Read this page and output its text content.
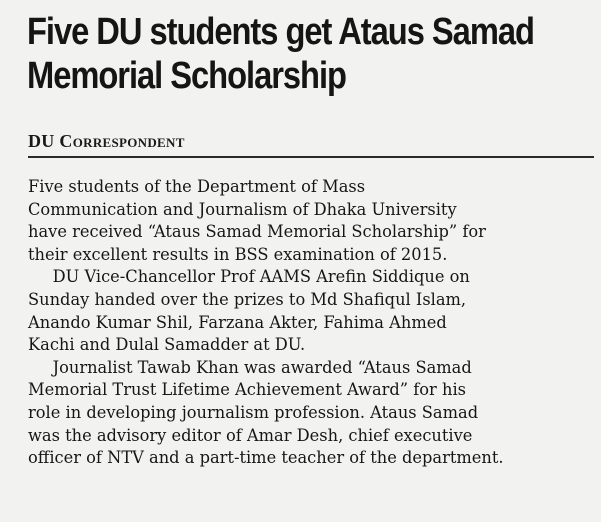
Five DU students get Ataus Samad
Memorial Scholarship
DU Correspondent
Five students of the Department of Mass
Communication and Journalism of Dhaka University
have received “Ataus Samad Memorial Scholarship” for
their excellent results in BSS examination of 2015.
DU Vice-Chancellor Prof AAMS Arefin Siddique on
Sunday handed over the prizes to Md Shafiqul Islam,
Anando Kumar Shil, Farzana Akter, Fahima Ahmed
Kachi and Dulal Samadder at DU.
Journalist Tawab Khan was awarded “Ataus Samad
Memorial Trust Lifetime Achievement Award” for his
role in developing journalism profession. Ataus Samad
was the advisory editor of Amar Desh, chief executive
officer of NTV and a part-time teacher of the department.
